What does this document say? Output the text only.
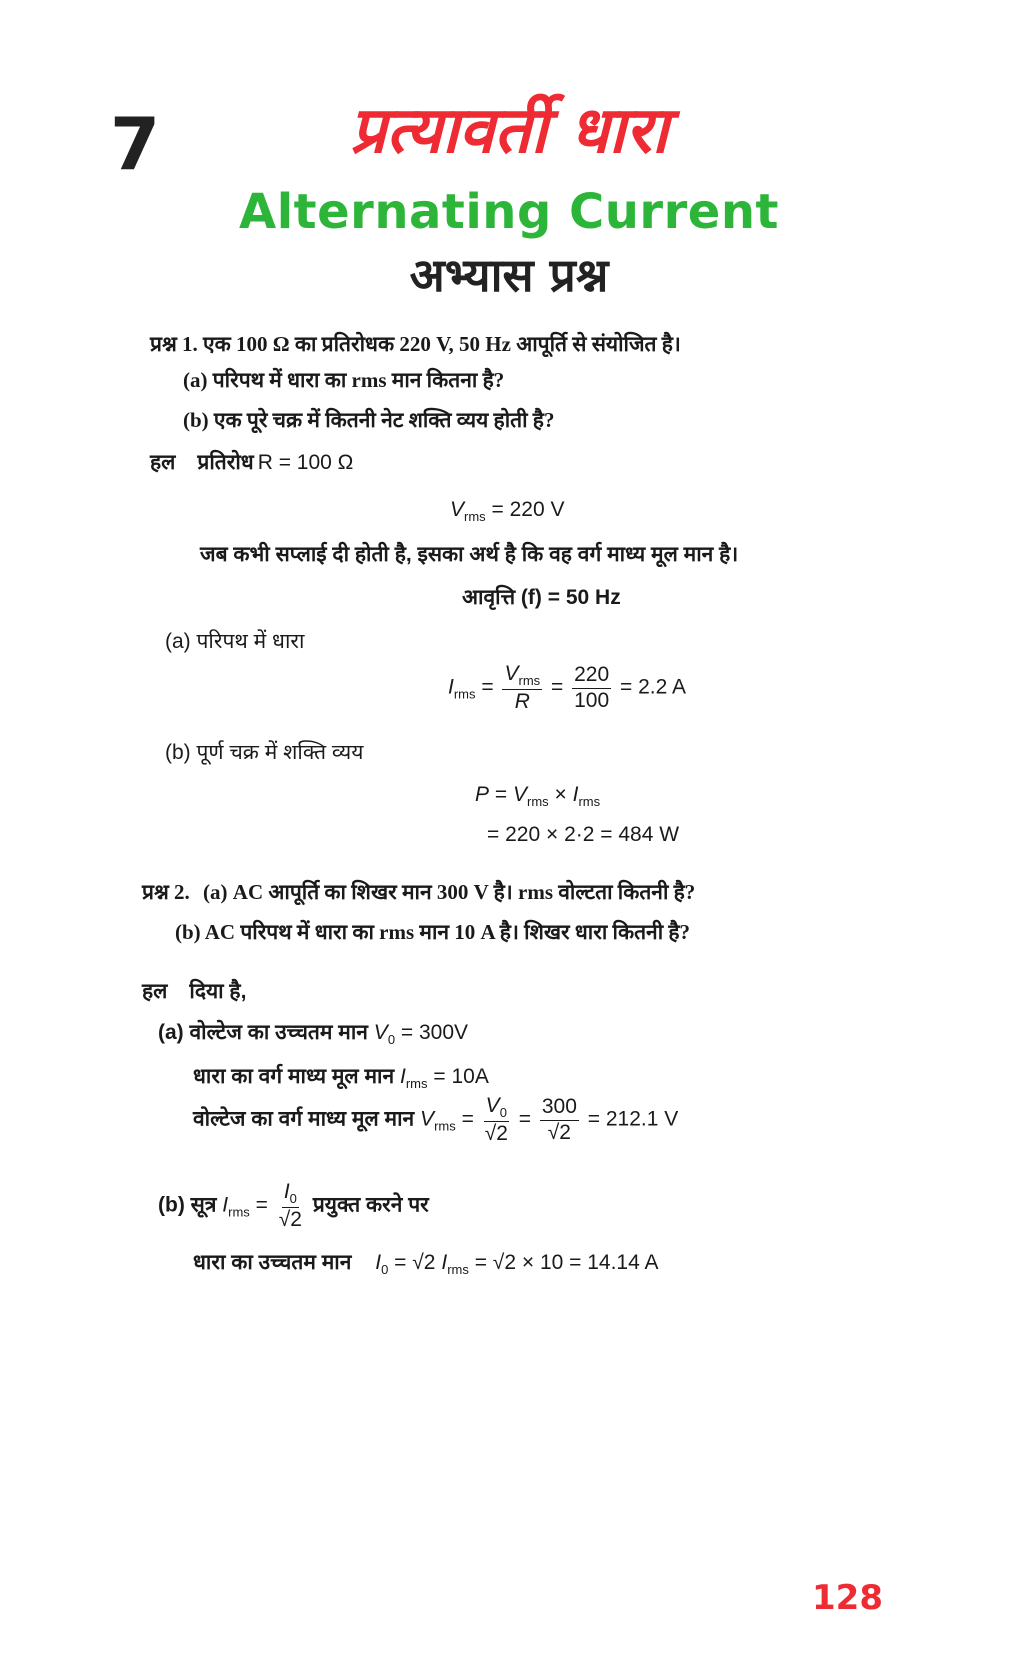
7	प्रत्यावर्ती धारा
Alternating Current
अभ्यास प्रश्न
प्रश्न 1. एक 100 Ω का प्रतिरोधक 220 V, 50 Hz आपूर्ति से संयोजित है।
(a) परिपथ में धारा का rms मान कितना है?
(b) एक पूरे चक्र में कितनी नेट शक्ति व्यय होती है?
हल प्रतिरोध R = 100 Ω
$V_{rms} = 220$ V
जब कभी सप्लाई दी होती है, इसका अर्थ है कि वह वर्ग माध्य मूल मान है।
आवृत्ति (f) = 50 Hz
(a) परिपथ में धारा
$I_{rms} = \frac{V_{rms}}{R} = \frac{220}{100} = 2.2$ A
(b) पूर्ण चक्र में शक्ति व्यय
$P = V_{rms} \times I_{rms}$
= 220 × 2·2 = 484 W
प्रश्न 2. (a) AC आपूर्ति का शिखर मान 300 V है। rms वोल्टता कितनी है?
(b) AC परिपथ में धारा का rms मान 10 A है। शिखर धारा कितनी है?
हल दिया है,
(a) वोल्टेज का उच्चतम मान $V_0 = 300V$
धारा का वर्ग माध्य मूल मान $I_{rms} = 10A$
वोल्टेज का वर्ग माध्य मूल मान $V_{rms} = \frac{V_0}{√2} = \frac{300}{√2} = 212.1$ V
(b) सूत्र $I_{rms} = \frac{I_0}{√2}$ प्रयुक्त करने पर
धारा का उच्चतम मान $I_0 = √2$ $I_{rms} = √2 \times 10 = 14.14$ A
128
